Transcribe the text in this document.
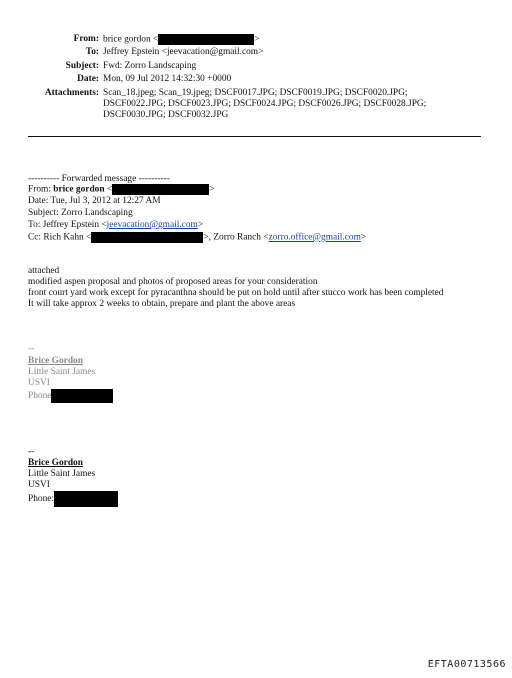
From: brice gordon <	>
To: Jeffrey Epstein <jeevacation@gmail.com>
Subject: Fwd: Zorro Landscaping
Date: Mon, 09 Jul 2012 14:32:30 +0000
Attachments: Scan_18.jpeg; Scan_19.jpeg; DSCF0017.JPG; DSCF0019.JPG; DSCF0020.JPG;
DSCF0022.JPG; DSCF0023.JPG; DSCF0024.JPG; DSCF0026.JPG; DSCF0028.JPG;
DSCF0030.JPG; DSCF0032.JPG
---------- Forwarded message ----------
From: brice gordon <	>
Date: Tue, Jul 3, 2012 at 12:27 AM
Subject: Zorro Landscaping
To: Jeffrey Epstein <jeevacation@gmail.com>
Cc: Rich Kahn <	>, Zorro Ranch <zorro.office@gmail.com>
attached
modified aspen proposal and photos of proposed areas for your consideration
front court yard work except for pyracanthna should be put on hold until after stucco work has been completed
It will take approx 2 weeks to obtain, prepare and plant the above areas
--
Brice Gordon
Little Saint James
USVI
Phone
--
Brice Gordon
Little Saint James
USVI
Phone:
EFTA00713566
